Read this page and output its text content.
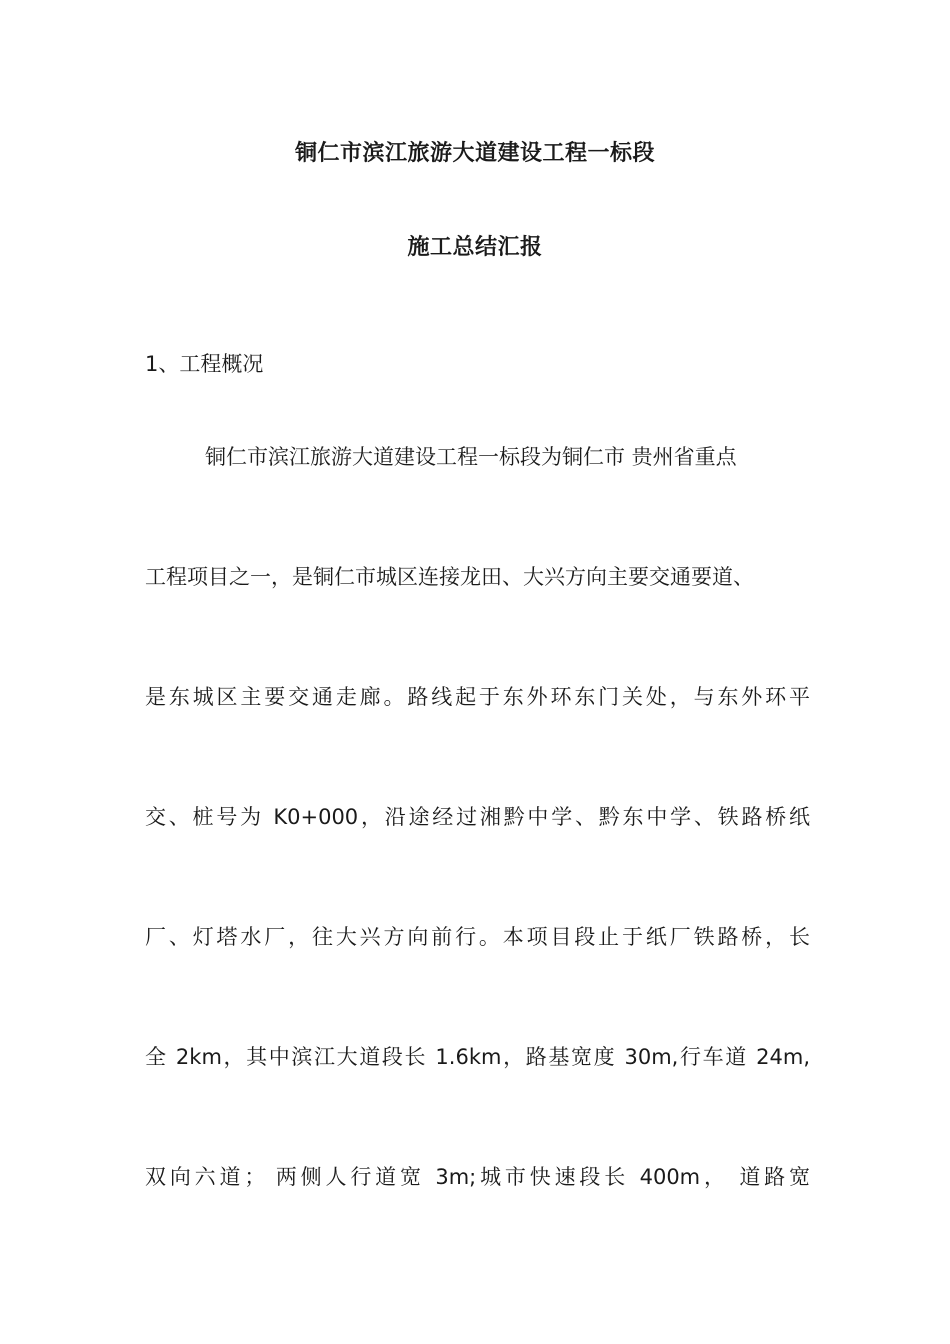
铜仁市滨江旅游大道建设工程一标段
施工总结汇报
1、工程概况
铜仁市滨江旅游大道建设工程一标段为铜仁市 贵州省重点
工程项目之一，是铜仁市城区连接龙田、大兴方向主要交通要道、
是东城区主要交通走廊。路线起于东外环东门关处，与东外环平
交、桩号为 K0+000，沿途经过湘黔中学、黔东中学、铁路桥纸
厂、灯塔水厂，往大兴方向前行。本项目段止于纸厂铁路桥，长
全 2km，其中滨江大道段长 1.6km，路基宽度 30m,行车道 24m,
双向六道； 两侧人行道宽 3m;城市快速段长 400m， 道路宽
